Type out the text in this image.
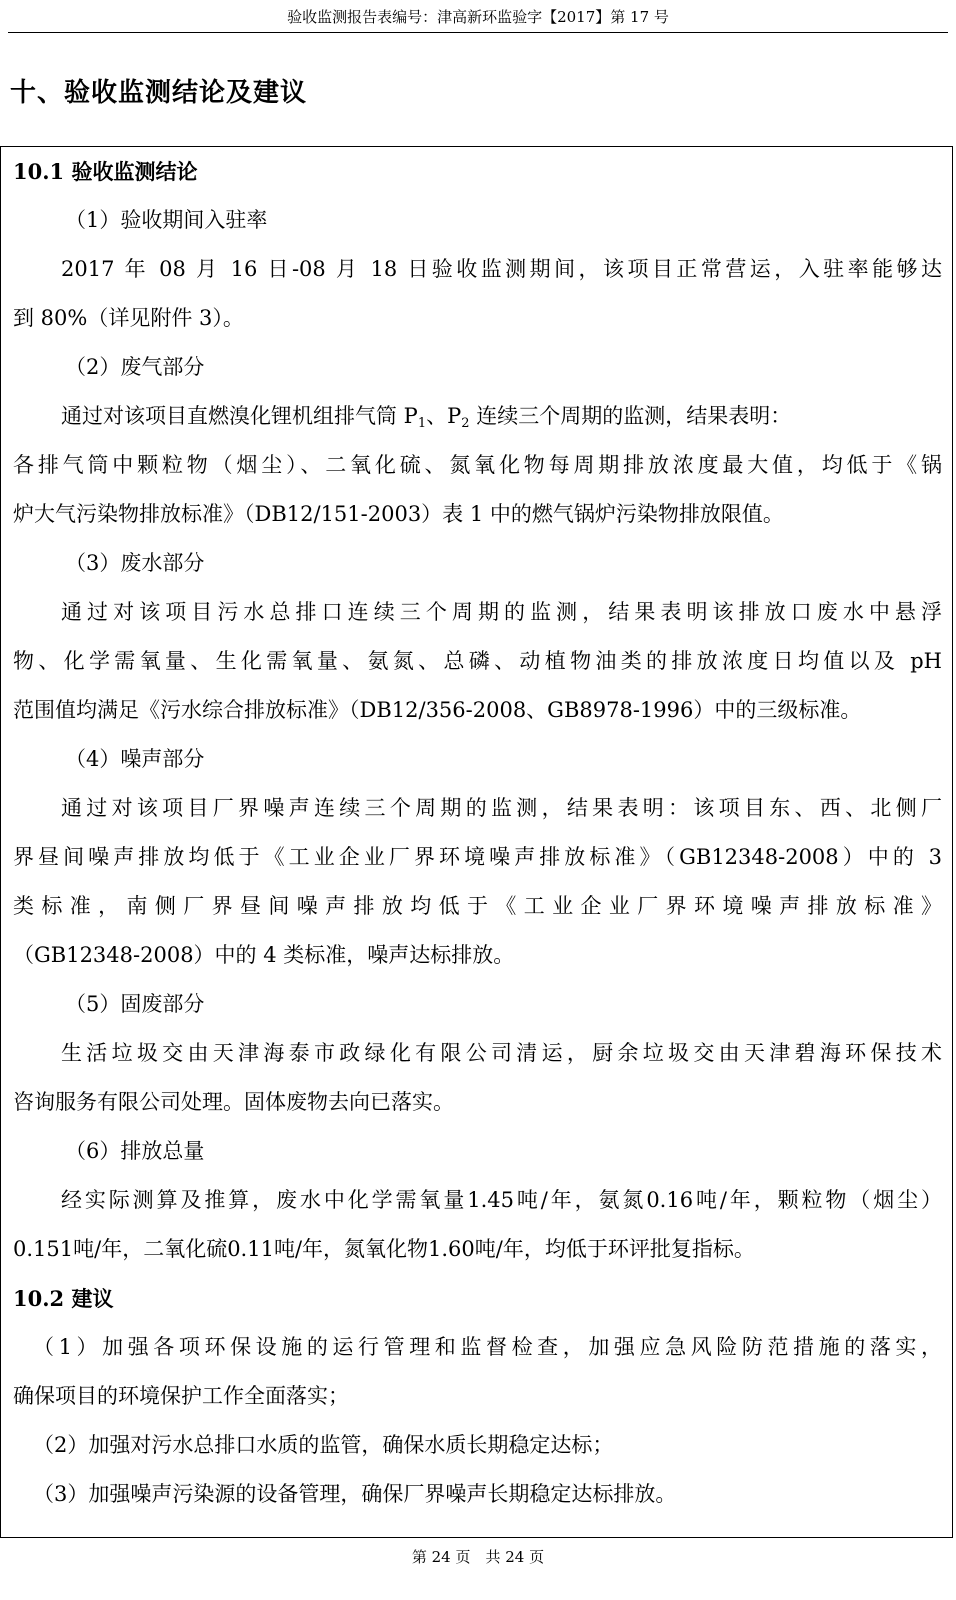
验收监测报告表编号：津高新环监验字【2017】第 17 号
十、验收监测结论及建议
10.1 验收监测结论
（1）验收期间入驻率
2017 年 08 月 16 日-08 月 18 日验收监测期间，该项目正常营运，入驻率能够达
到 80%（详见附件 3）。
（2）废气部分
通过对该项目直燃溴化锂机组排气筒 $P_1$、$P_2$ 连续三个周期的监测，结果表明：
各排气筒中颗粒物（烟尘）、二氧化硫、氮氧化物每周期排放浓度最大值，均低于《锅
炉大气污染物排放标准》（DB12/151-2003）表 1 中的燃气锅炉污染物排放限值。
（3）废水部分
通过对该项目污水总排口连续三个周期的监测，结果表明该排放口废水中悬浮
物、化学需氧量、生化需氧量、氨氮、总磷、动植物油类的排放浓度日均值以及 pH
范围值均满足《污水综合排放标准》（DB12/356-2008、GB8978-1996）中的三级标准。
（4）噪声部分
通过对该项目厂界噪声连续三个周期的监测，结果表明：该项目东、西、北侧厂
界昼间噪声排放均低于《工业企业厂界环境噪声排放标准》（GB12348-2008）中的 3
类标准，南侧厂界昼间噪声排放均低于《工业企业厂界环境噪声排放标准》
（GB12348-2008）中的 4 类标准，噪声达标排放。
（5）固废部分
生活垃圾交由天津海泰市政绿化有限公司清运，厨余垃圾交由天津碧海环保技术
咨询服务有限公司处理。固体废物去向已落实。
（6）排放总量
经实际测算及推算，废水中化学需氧量1.45吨/年，氨氮0.16吨/年，颗粒物（烟尘）
0.151吨/年，二氧化硫0.11吨/年，氮氧化物1.60吨/年，均低于环评批复指标。
10.2 建议
（1）加强各项环保设施的运行管理和监督检查，加强应急风险防范措施的落实，
确保项目的环境保护工作全面落实；
（2）加强对污水总排口水质的监管，确保水质长期稳定达标；
（3）加强噪声污染源的设备管理，确保厂界噪声长期稳定达标排放。
第 24 页　共 24 页
